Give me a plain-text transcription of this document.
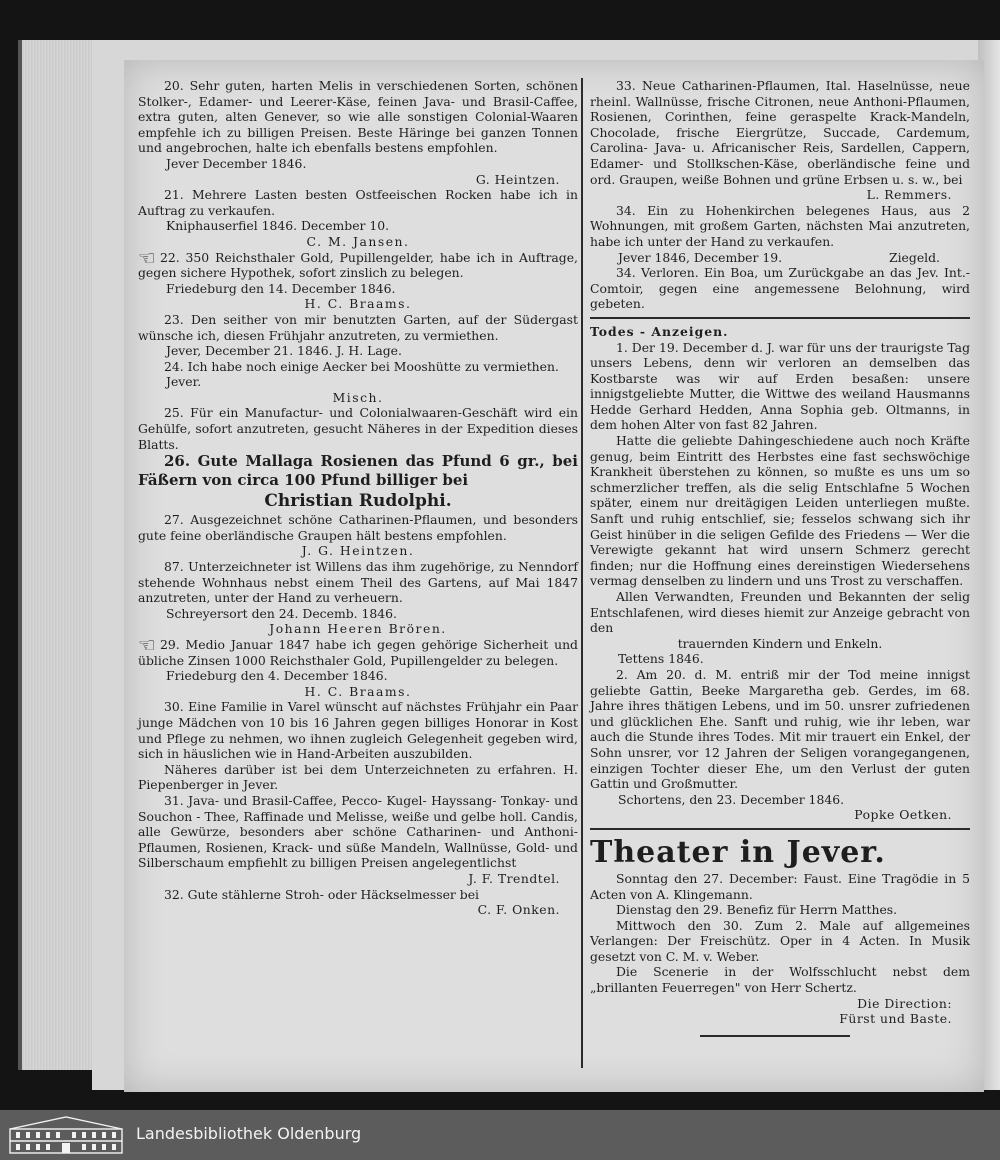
20. Sehr guten, harten Melis in verschiedenen Sorten, schönen Stolker-, Edamer- und Leerer-Käse, feinen Java- und Brasil-Caffee, extra guten, alten Genever, so wie alle sonstigen Colonial-Waaren empfehle ich zu billigen Preisen. Beste Häringe bei ganzen Tonnen und angebrochen, halte ich ebenfalls bestens empfohlen.

Jever December 1846.

G. Heintzen.

21. Mehrere Lasten besten Ostfeeischen Rocken habe ich in Auftrag zu verkaufen.

Kniphauserfiel 1846. December 10.

C. M. Jansen.

☜ 22. 350 Reichsthaler Gold, Pupillengelder, habe ich in Auftrage, gegen sichere Hypothek, sofort zinslich zu belegen.

Friedeburg den 14. December 1846.

H. C. Braams.

23. Den seither von mir benutzten Garten, auf der Südergast wünsche ich, diesen Frühjahr anzutreten, zu vermiethen.

Jever, December 21. 1846. J. H. Lage.

24. Ich habe noch einige Aecker bei Mooshütte zu vermiethen.

Jever.

Misch.

25. Für ein Manufactur- und Colonialwaaren-Geschäft wird ein Gehülfe, sofort anzutreten, gesucht Näheres in der Expedition dieses Blatts.

26. Gute Mallaga Rosienen das Pfund 6 gr., bei Fäßern von circa 100 Pfund billiger bei

Christian Rudolphi.

27. Ausgezeichnet schöne Catharinen-Pflaumen, und besonders gute feine oberländische Graupen hält bestens empfohlen.

J. G. Heintzen.

87. Unterzeichneter ist Willens das ihm zugehörige, zu Nenndorf stehende Wohnhaus nebst einem Theil des Gartens, auf Mai 1847 anzutreten, unter der Hand zu verheuern.

Schreyersort den 24. Decemb. 1846.

Johann Heeren Brören.

☜ 29. Medio Januar 1847 habe ich gegen gehörige Sicherheit und übliche Zinsen 1000 Reichsthaler Gold, Pupillengelder zu belegen.

Friedeburg den 4. December 1846.

H. C. Braams.

30. Eine Familie in Varel wünscht auf nächstes Frühjahr ein Paar junge Mädchen von 10 bis 16 Jahren gegen billiges Honorar in Kost und Pflege zu nehmen, wo ihnen zugleich Gelegenheit gegeben wird, sich in häuslichen wie in Hand-Arbeiten auszubilden.

Näheres darüber ist bei dem Unterzeichneten zu erfahren. H. Piepenberger in Jever.

31. Java- und Brasil-Caffee, Pecco- Kugel- Hayssang- Tonkay- und Souchon - Thee, Raffinade und Melisse, weiße und gelbe holl. Candis, alle Gewürze, besonders aber schöne Catharinen- und Anthoni-Pflaumen, Rosienen, Krack- und süße Mandeln, Wallnüsse, Gold- und Silberschaum empfiehlt zu billigen Preisen angelegentlichst

J. F. Trendtel.

32. Gute stählerne Stroh- oder Häckselmesser bei

C. F. Onken.

33. Neue Catharinen-Pflaumen, Ital. Haselnüsse, neue rheinl. Wallnüsse, frische Citronen, neue Anthoni-Pflaumen, Rosienen, Corinthen, feine geraspelte Krack-Mandeln, Chocolade, frische Eiergrütze, Succade, Cardemum, Carolina- Java- u. Africanischer Reis, Sardellen, Cappern, Edamer- und Stollkschen-Käse, oberländische feine und ord. Graupen, weiße Bohnen und grüne Erbsen u. s. w., bei

L. Remmers.

34. Ein zu Hohenkirchen belegenes Haus, aus 2 Wohnungen, mit großem Garten, nächsten Mai anzutreten, habe ich unter der Hand zu verkaufen.

Jever 1846, December 19.	Ziegeld.

34. Verloren. Ein Boa, um Zurückgabe an das Jev. Int.-Comtoir, gegen eine angemessene Belohnung, wird gebeten.

Todes - Anzeigen.

1. Der 19. December d. J. war für uns der traurigste Tag unsers Lebens, denn wir verloren an demselben das Kostbarste was wir auf Erden besaßen: unsere innigstgeliebte Mutter, die Wittwe des weiland Hausmanns Hedde Gerhard Hedden, Anna Sophia geb. Oltmanns, in dem hohen Alter von fast 82 Jahren.

Hatte die geliebte Dahingeschiedene auch noch Kräfte genug, beim Eintritt des Herbstes eine fast sechswöchige Krankheit überstehen zu können, so mußte es uns um so schmerzlicher treffen, als die selig Entschlafne 5 Wochen später, einem nur dreitägigen Leiden unterliegen mußte. Sanft und ruhig entschlief, sie; fesselos schwang sich ihr Geist hinüber in die seligen Gefilde des Friedens — Wer die Verewigte gekannt hat wird unsern Schmerz gerecht finden; nur die Hoffnung eines dereinstigen Wiedersehens vermag denselben zu lindern und uns Trost zu verschaffen.

Allen Verwandten, Freunden und Bekannten der selig Entschlafenen, wird dieses hiemit zur Anzeige gebracht von den

trauernden Kindern und Enkeln.

Tettens 1846.

2. Am 20. d. M. entriß mir der Tod meine innigst geliebte Gattin, Beeke Margaretha geb. Gerdes, im 68. Jahre ihres thätigen Lebens, und im 50. unsrer zufriedenen und glücklichen Ehe. Sanft und ruhig, wie ihr leben, war auch die Stunde ihres Todes. Mit mir trauert ein Enkel, der Sohn unsrer, vor 12 Jahren der Seligen vorangegangenen, einzigen Tochter dieser Ehe, um den Verlust der guten Gattin und Großmutter.

Schortens, den 23. December 1846.

Popke Oetken.

Theater in Jever.

Sonntag den 27. December: Faust. Eine Tragödie in 5 Acten von A. Klingemann.

Dienstag den 29. Benefiz für Herrn Matthes.

Mittwoch den 30. Zum 2. Male auf allgemeines Verlangen: Der Freischütz. Oper in 4 Acten. In Musik gesetzt von C. M. v. Weber.

Die Scenerie in der Wolfsschlucht nebst dem „brillanten Feuerregen" von Herr Schertz.

Die Direction:

Fürst und Baste.

Landesbibliothek Oldenburg
